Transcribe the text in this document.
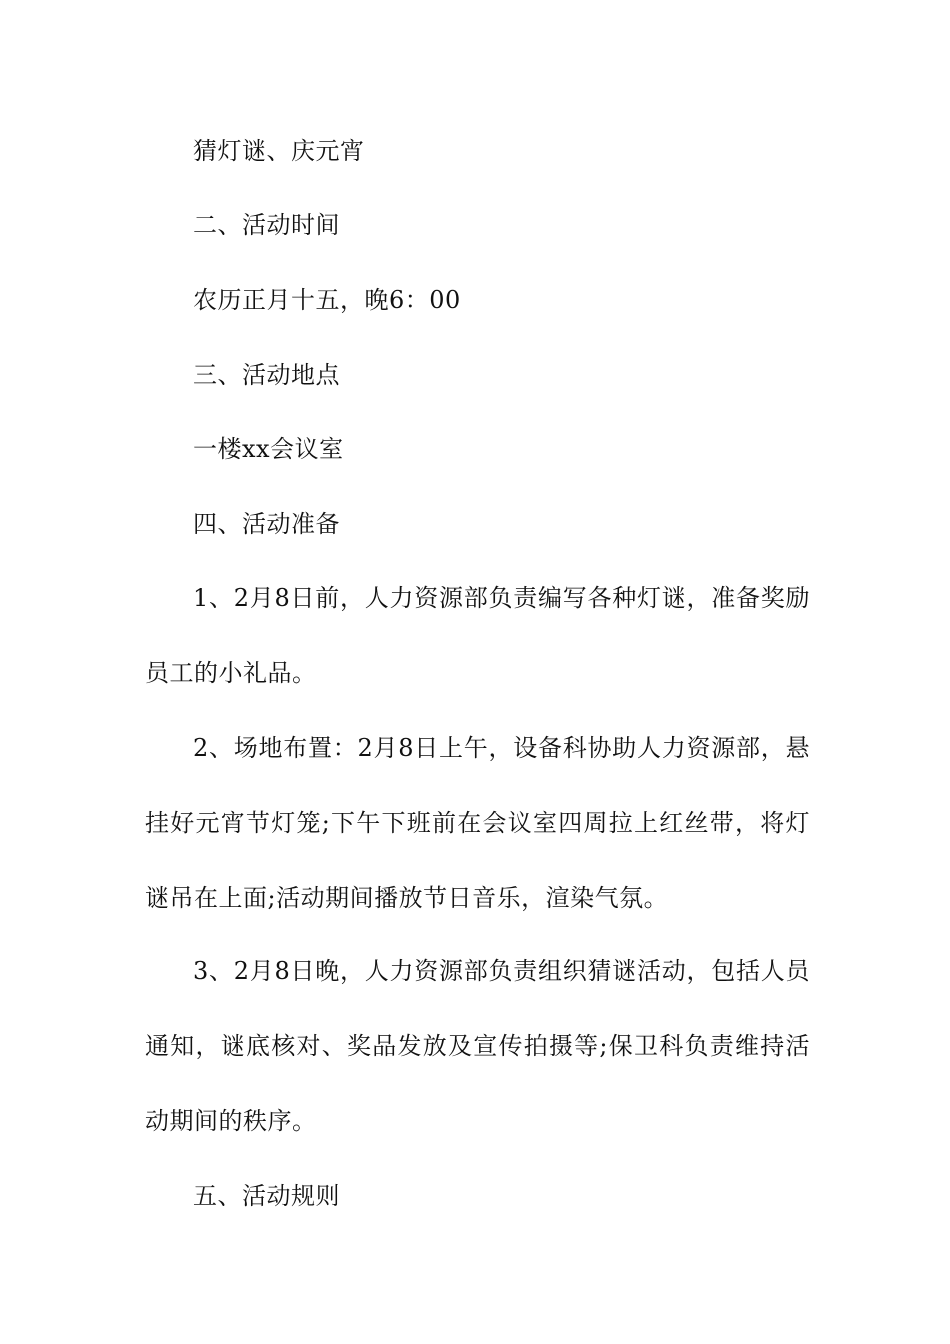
猜灯谜、庆元宵

二、活动时间

农历正月十五，晚6：00

三、活动地点

一楼xx会议室

四、活动准备

1、2月8日前，人力资源部负责编写各种灯谜，准备奖励员工的小礼品。

2、场地布置：2月8日上午，设备科协助人力资源部，悬挂好元宵节灯笼;下午下班前在会议室四周拉上红丝带，将灯谜吊在上面;活动期间播放节日音乐，渲染气氛。

3、2月8日晚，人力资源部负责组织猜谜活动，包括人员通知，谜底核对、奖品发放及宣传拍摄等;保卫科负责维持活动期间的秩序。

五、活动规则
